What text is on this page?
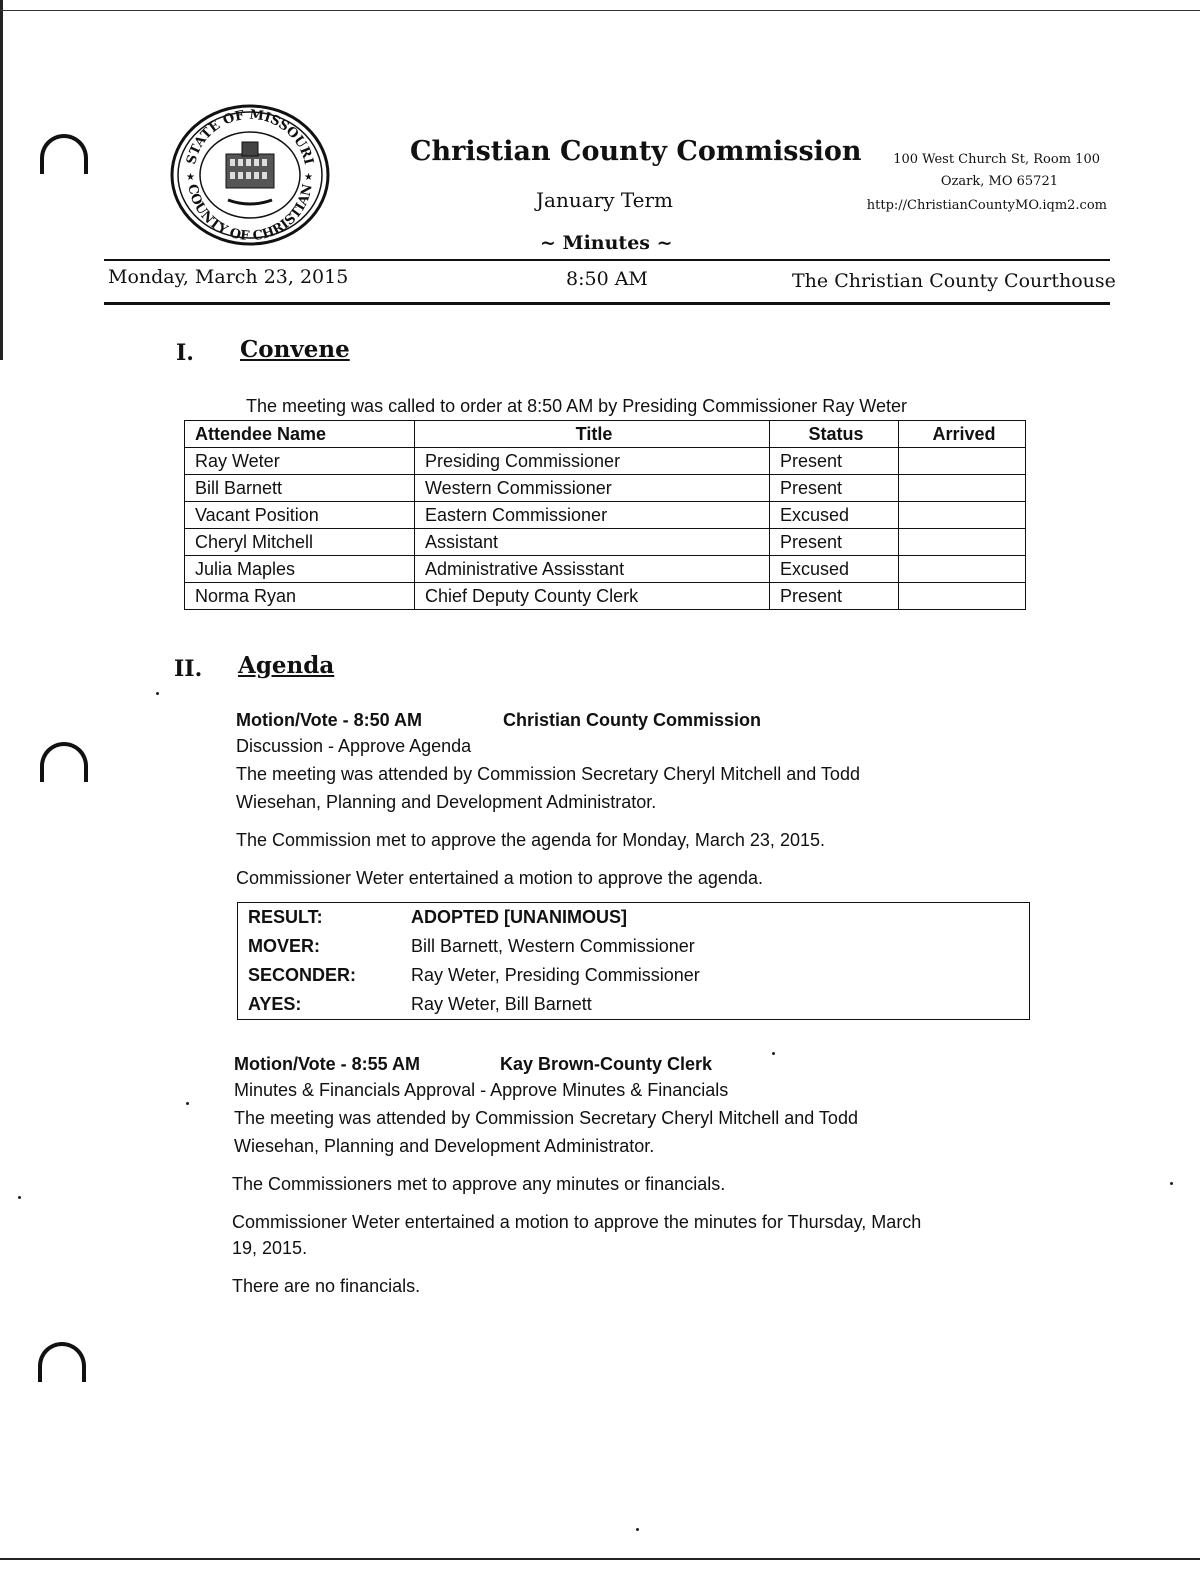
STATE OF MISSOURI
COUNTY OF CHRISTIAN
★	★
Christian County Commission
January Term
~ Minutes ~
100 West Church St, Room 100
Ozark, MO 65721
http://ChristianCountyMO.iqm2.com
Monday, March 23, 2015	8:50 AM	The Christian County Courthouse
I. Convene
The meeting was called to order at 8:50 AM by Presiding Commissioner Ray Weter
Attendee Name	Title	Status	Arrived
Ray Weter	Presiding Commissioner	Present	
Bill Barnett	Western Commissioner	Present	
Vacant Position	Eastern Commissioner	Excused	
Cheryl Mitchell	Assistant	Present	
Julia Maples	Administrative Assisstant	Excused	
Norma Ryan	Chief Deputy County Clerk	Present	
II. Agenda
Motion/Vote - 8:50 AM	Christian County Commission
Discussion - Approve Agenda
The meeting was attended by Commission Secretary Cheryl Mitchell and Todd
Wiesehan, Planning and Development Administrator.
The Commission met to approve the agenda for Monday, March 23, 2015.
Commissioner Weter entertained a motion to approve the agenda.
RESULT:	ADOPTED [UNANIMOUS]
MOVER:	Bill Barnett, Western Commissioner
SECONDER:	Ray Weter, Presiding Commissioner
AYES:	Ray Weter, Bill Barnett
Motion/Vote - 8:55 AM	Kay Brown-County Clerk
Minutes & Financials Approval - Approve Minutes & Financials
The meeting was attended by Commission Secretary Cheryl Mitchell and Todd
Wiesehan, Planning and Development Administrator.
The Commissioners met to approve any minutes or financials.
Commissioner Weter entertained a motion to approve the minutes for Thursday, March
19, 2015.
There are no financials.
